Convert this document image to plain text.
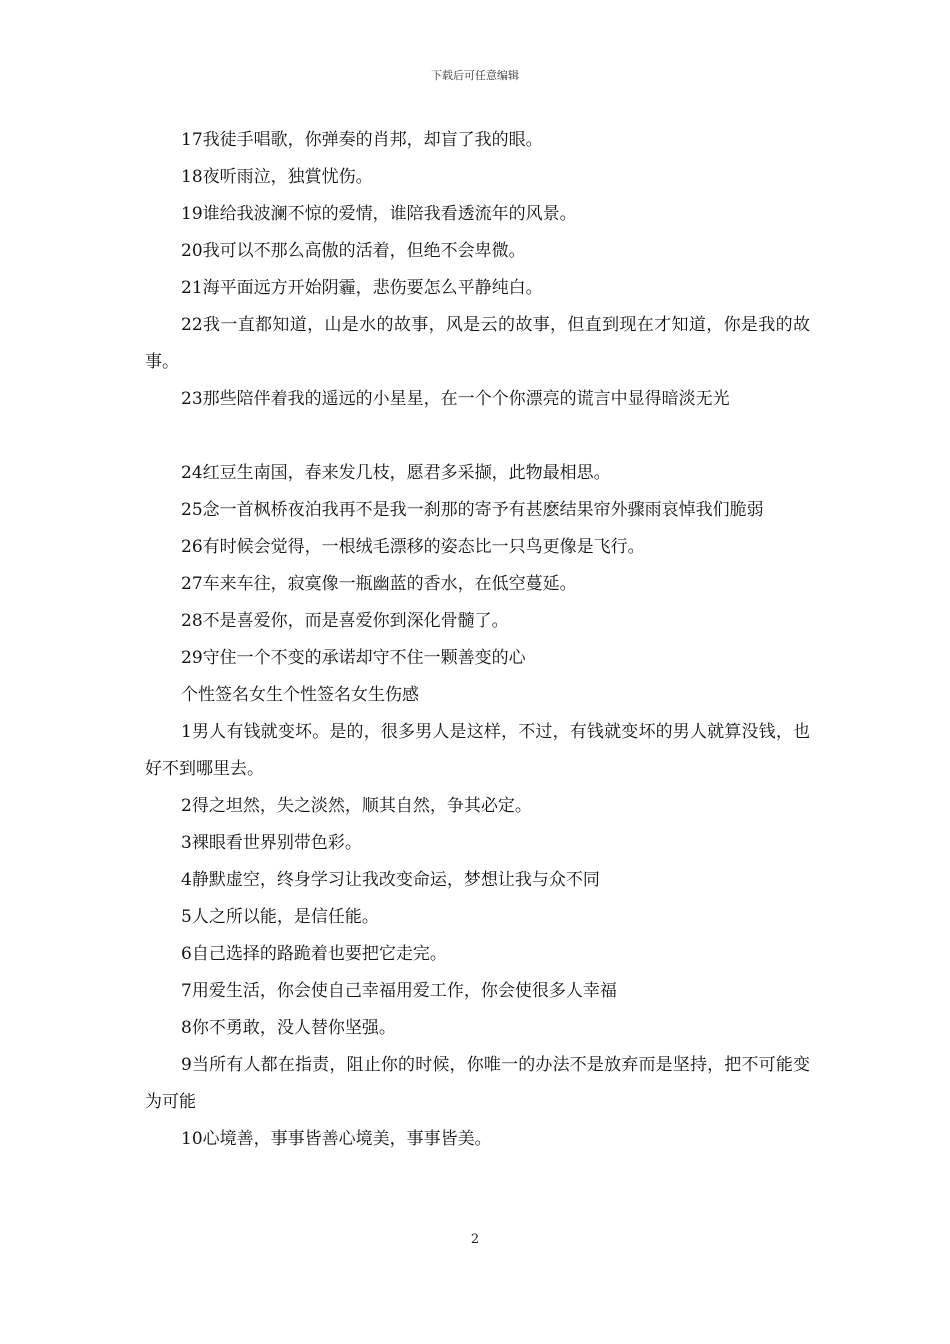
下载后可任意编辑

17我徒手唱歌，你弹奏的肖邦，却盲了我的眼。

18夜听雨泣，独賞忧伤。

19谁给我波澜不惊的爱情，谁陪我看透流年的风景。

20我可以不那么高傲的活着，但绝不会卑微。

21海平面远方开始阴霾，悲伤要怎么平静纯白。

22我一直都知道，山是水的故事，风是云的故事，但直到现在才知道，你是我的故事。

23那些陪伴着我的遥远的小星星，在一个个你漂亮的谎言中显得暗淡无光

24红豆生南国，春来发几枝，愿君多采撷，此物最相思。

25念一首枫桥夜泊我再不是我一刹那的寄予有甚麽结果帘外骤雨哀悼我们脆弱

26有时候会觉得，一根绒毛漂移的姿态比一只鸟更像是飞行。

27车来车往，寂寞像一瓶幽蓝的香水，在低空蔓延。

28不是喜爱你，而是喜爱你到深化骨髓了。

29守住一个不变的承诺却守不住一颗善变的心

个性签名女生个性签名女生伤感

1男人有钱就变坏。是的，很多男人是这样，不过，有钱就变坏的男人就算没钱，也好不到哪里去。

2得之坦然，失之淡然，顺其自然，争其必定。

3裸眼看世界别带色彩。

4静默虚空，终身学习让我改变命运，梦想让我与众不同

5人之所以能，是信任能。

6自己选择的路跪着也要把它走完。

7用爱生活，你会使自己幸福用爱工作，你会使很多人幸福

8你不勇敢，没人替你坚强。

9当所有人都在指责，阻止你的时候，你唯一的办法不是放弃而是坚持，把不可能变为可能

10心境善，事事皆善心境美，事事皆美。

2
